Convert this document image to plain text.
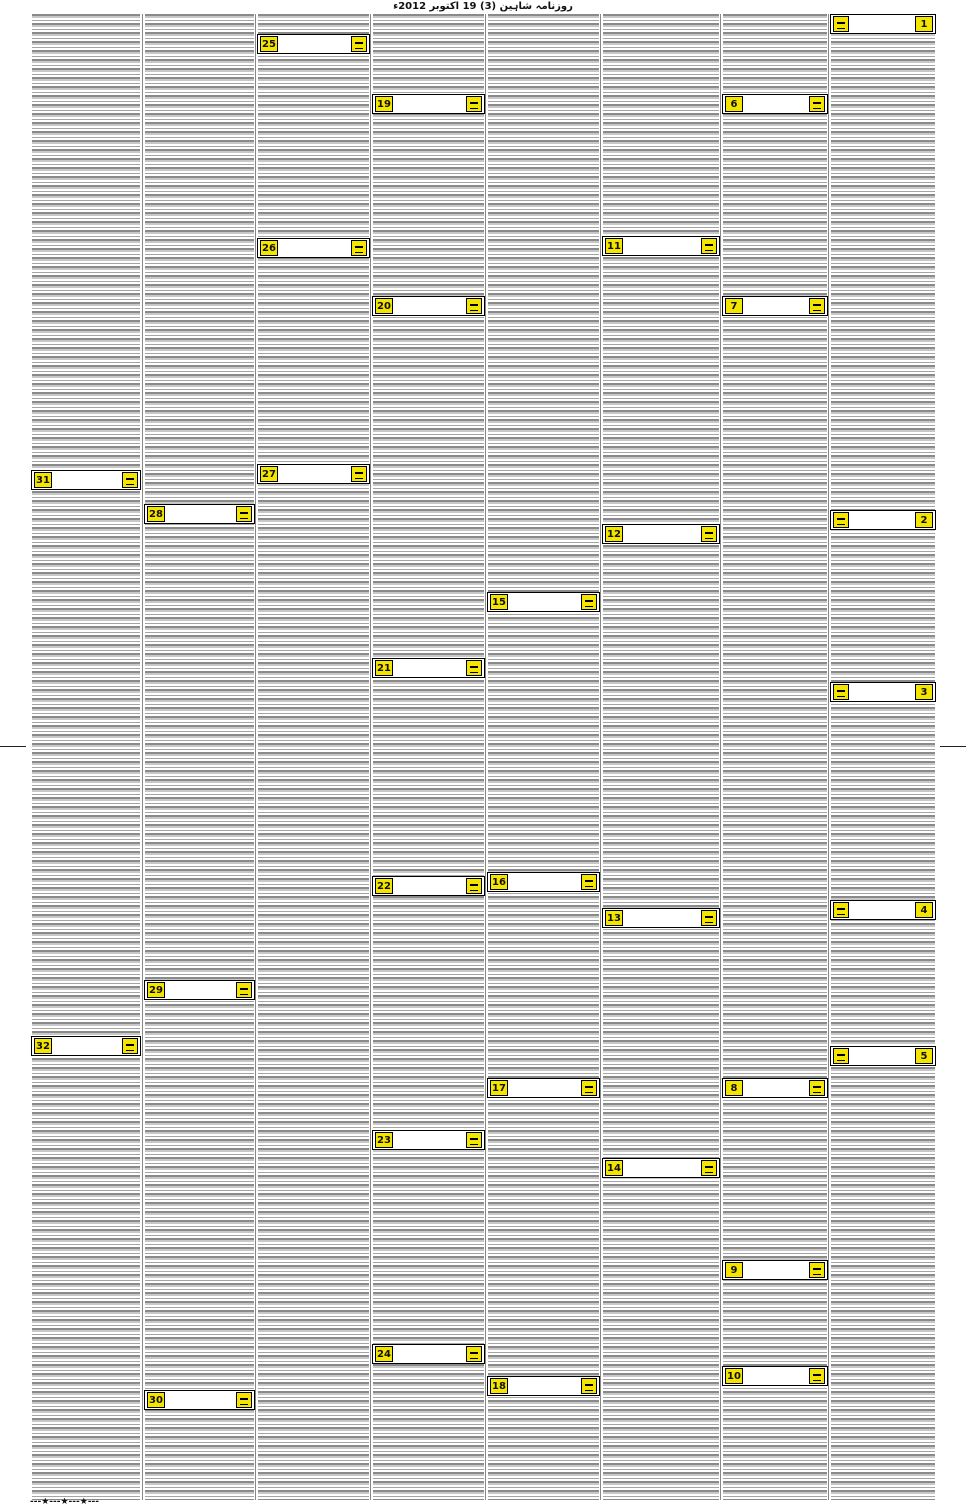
روزنامہ شاہین (3) 19 اکتوبر 2012ء
1
2
3
4
5
6
7
8
9
10
11
12
13
14
15
16
17
18
19
20
21
22
23
24
25
26
27
28
29
30
31
32
---★---★---★---
